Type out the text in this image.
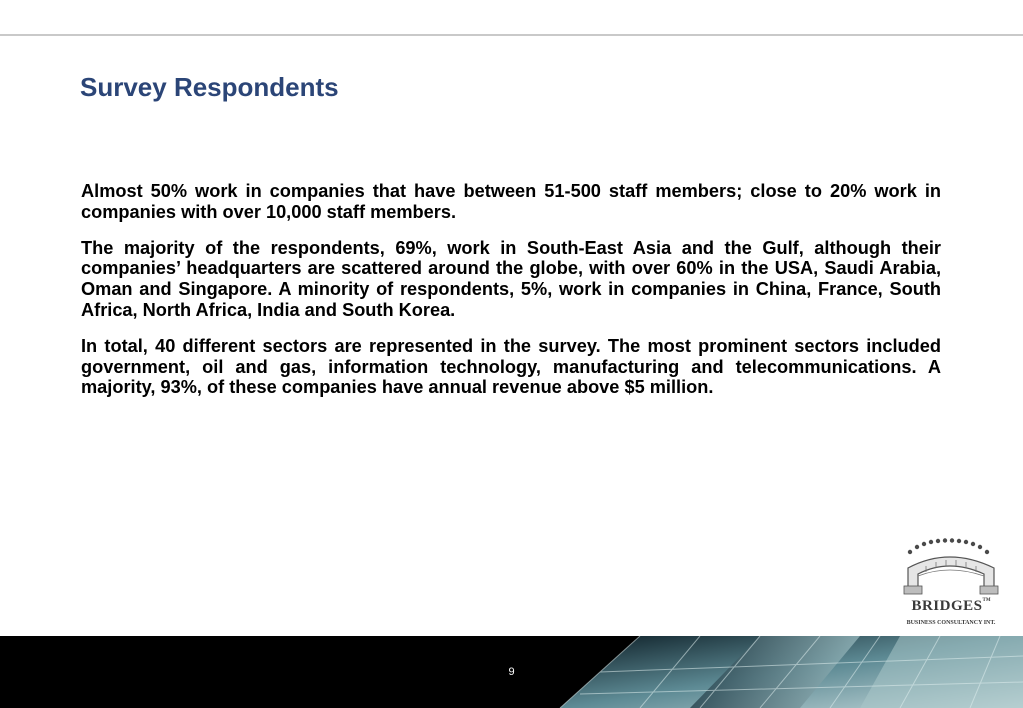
Survey Respondents

Almost 50% work in companies that have between 51-500 staff members; close to 20% work in companies with over 10,000 staff members.

The majority of the respondents, 69%, work in South-East Asia and the Gulf, although their companies’ headquarters are scattered around the globe, with over 60% in the USA, Saudi Arabia, Oman and Singapore. A minority of respondents, 5%, work in companies in China, France, South Africa, North Africa, India and South Korea.

In total, 40 different sectors are represented in the survey. The most prominent sectors included government, oil and gas, information technology, manufacturing and telecommunications. A majority, 93%, of these companies have annual revenue above $5 million.

BRIDGES™
BUSINESS CONSULTANCY INT.
9
